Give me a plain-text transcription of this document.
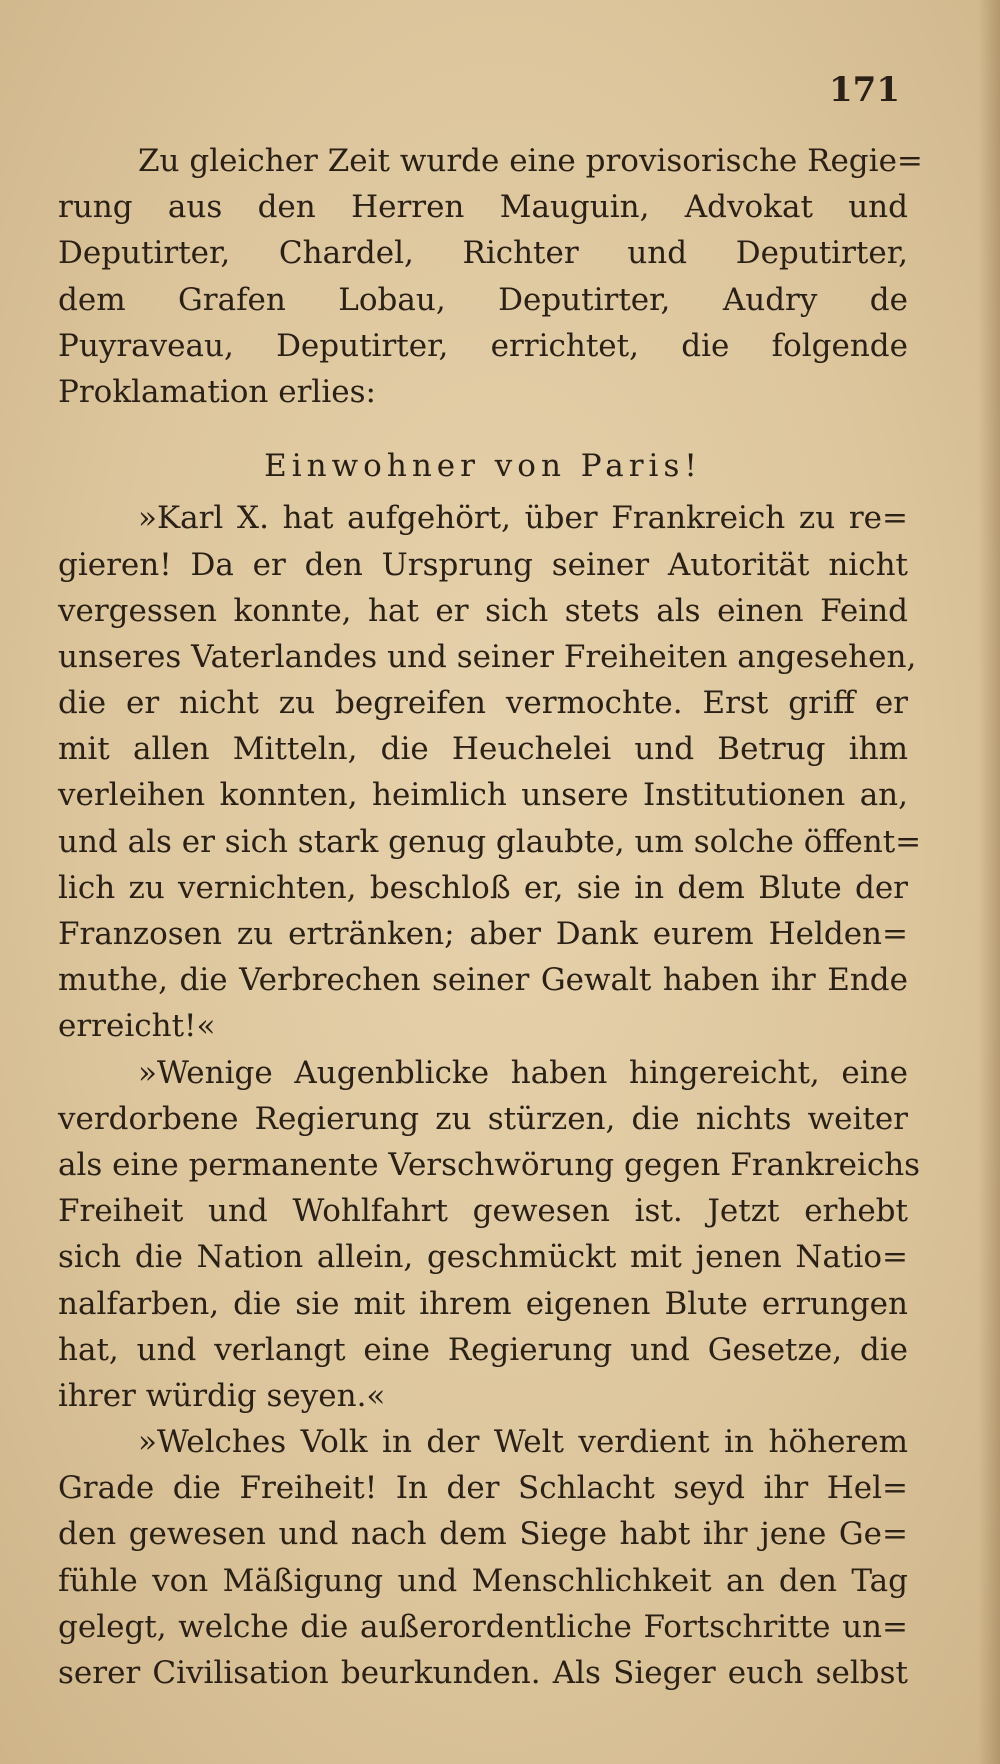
171
Zu gleicher Zeit wurde eine provisorische Regie=
rung aus den Herren Mauguin, Advokat und
Deputirter, Chardel, Richter und Deputirter,
dem Grafen Lobau, Deputirter, Audry de
Puyraveau, Deputirter, errichtet, die folgende
Proklamation erlies:
Einwohner von Paris!
»Karl X. hat aufgehört, über Frankreich zu re=
gieren! Da er den Ursprung seiner Autorität nicht
vergessen konnte, hat er sich stets als einen Feind
unseres Vaterlandes und seiner Freiheiten angesehen,
die er nicht zu begreifen vermochte. Erst griff er
mit allen Mitteln, die Heuchelei und Betrug ihm
verleihen konnten, heimlich unsere Institutionen an,
und als er sich stark genug glaubte, um solche öffent=
lich zu vernichten, beschloß er, sie in dem Blute der
Franzosen zu ertränken; aber Dank eurem Helden=
muthe, die Verbrechen seiner Gewalt haben ihr Ende
erreicht!«
»Wenige Augenblicke haben hingereicht, eine
verdorbene Regierung zu stürzen, die nichts weiter
als eine permanente Verschwörung gegen Frankreichs
Freiheit und Wohlfahrt gewesen ist. Jetzt erhebt
sich die Nation allein, geschmückt mit jenen Natio=
nalfarben, die sie mit ihrem eigenen Blute errungen
hat, und verlangt eine Regierung und Gesetze, die
ihrer würdig seyen.«
»Welches Volk in der Welt verdient in höherem
Grade die Freiheit! In der Schlacht seyd ihr Hel=
den gewesen und nach dem Siege habt ihr jene Ge=
fühle von Mäßigung und Menschlichkeit an den Tag
gelegt, welche die außerordentliche Fortschritte un=
serer Civilisation beurkunden. Als Sieger euch selbst
